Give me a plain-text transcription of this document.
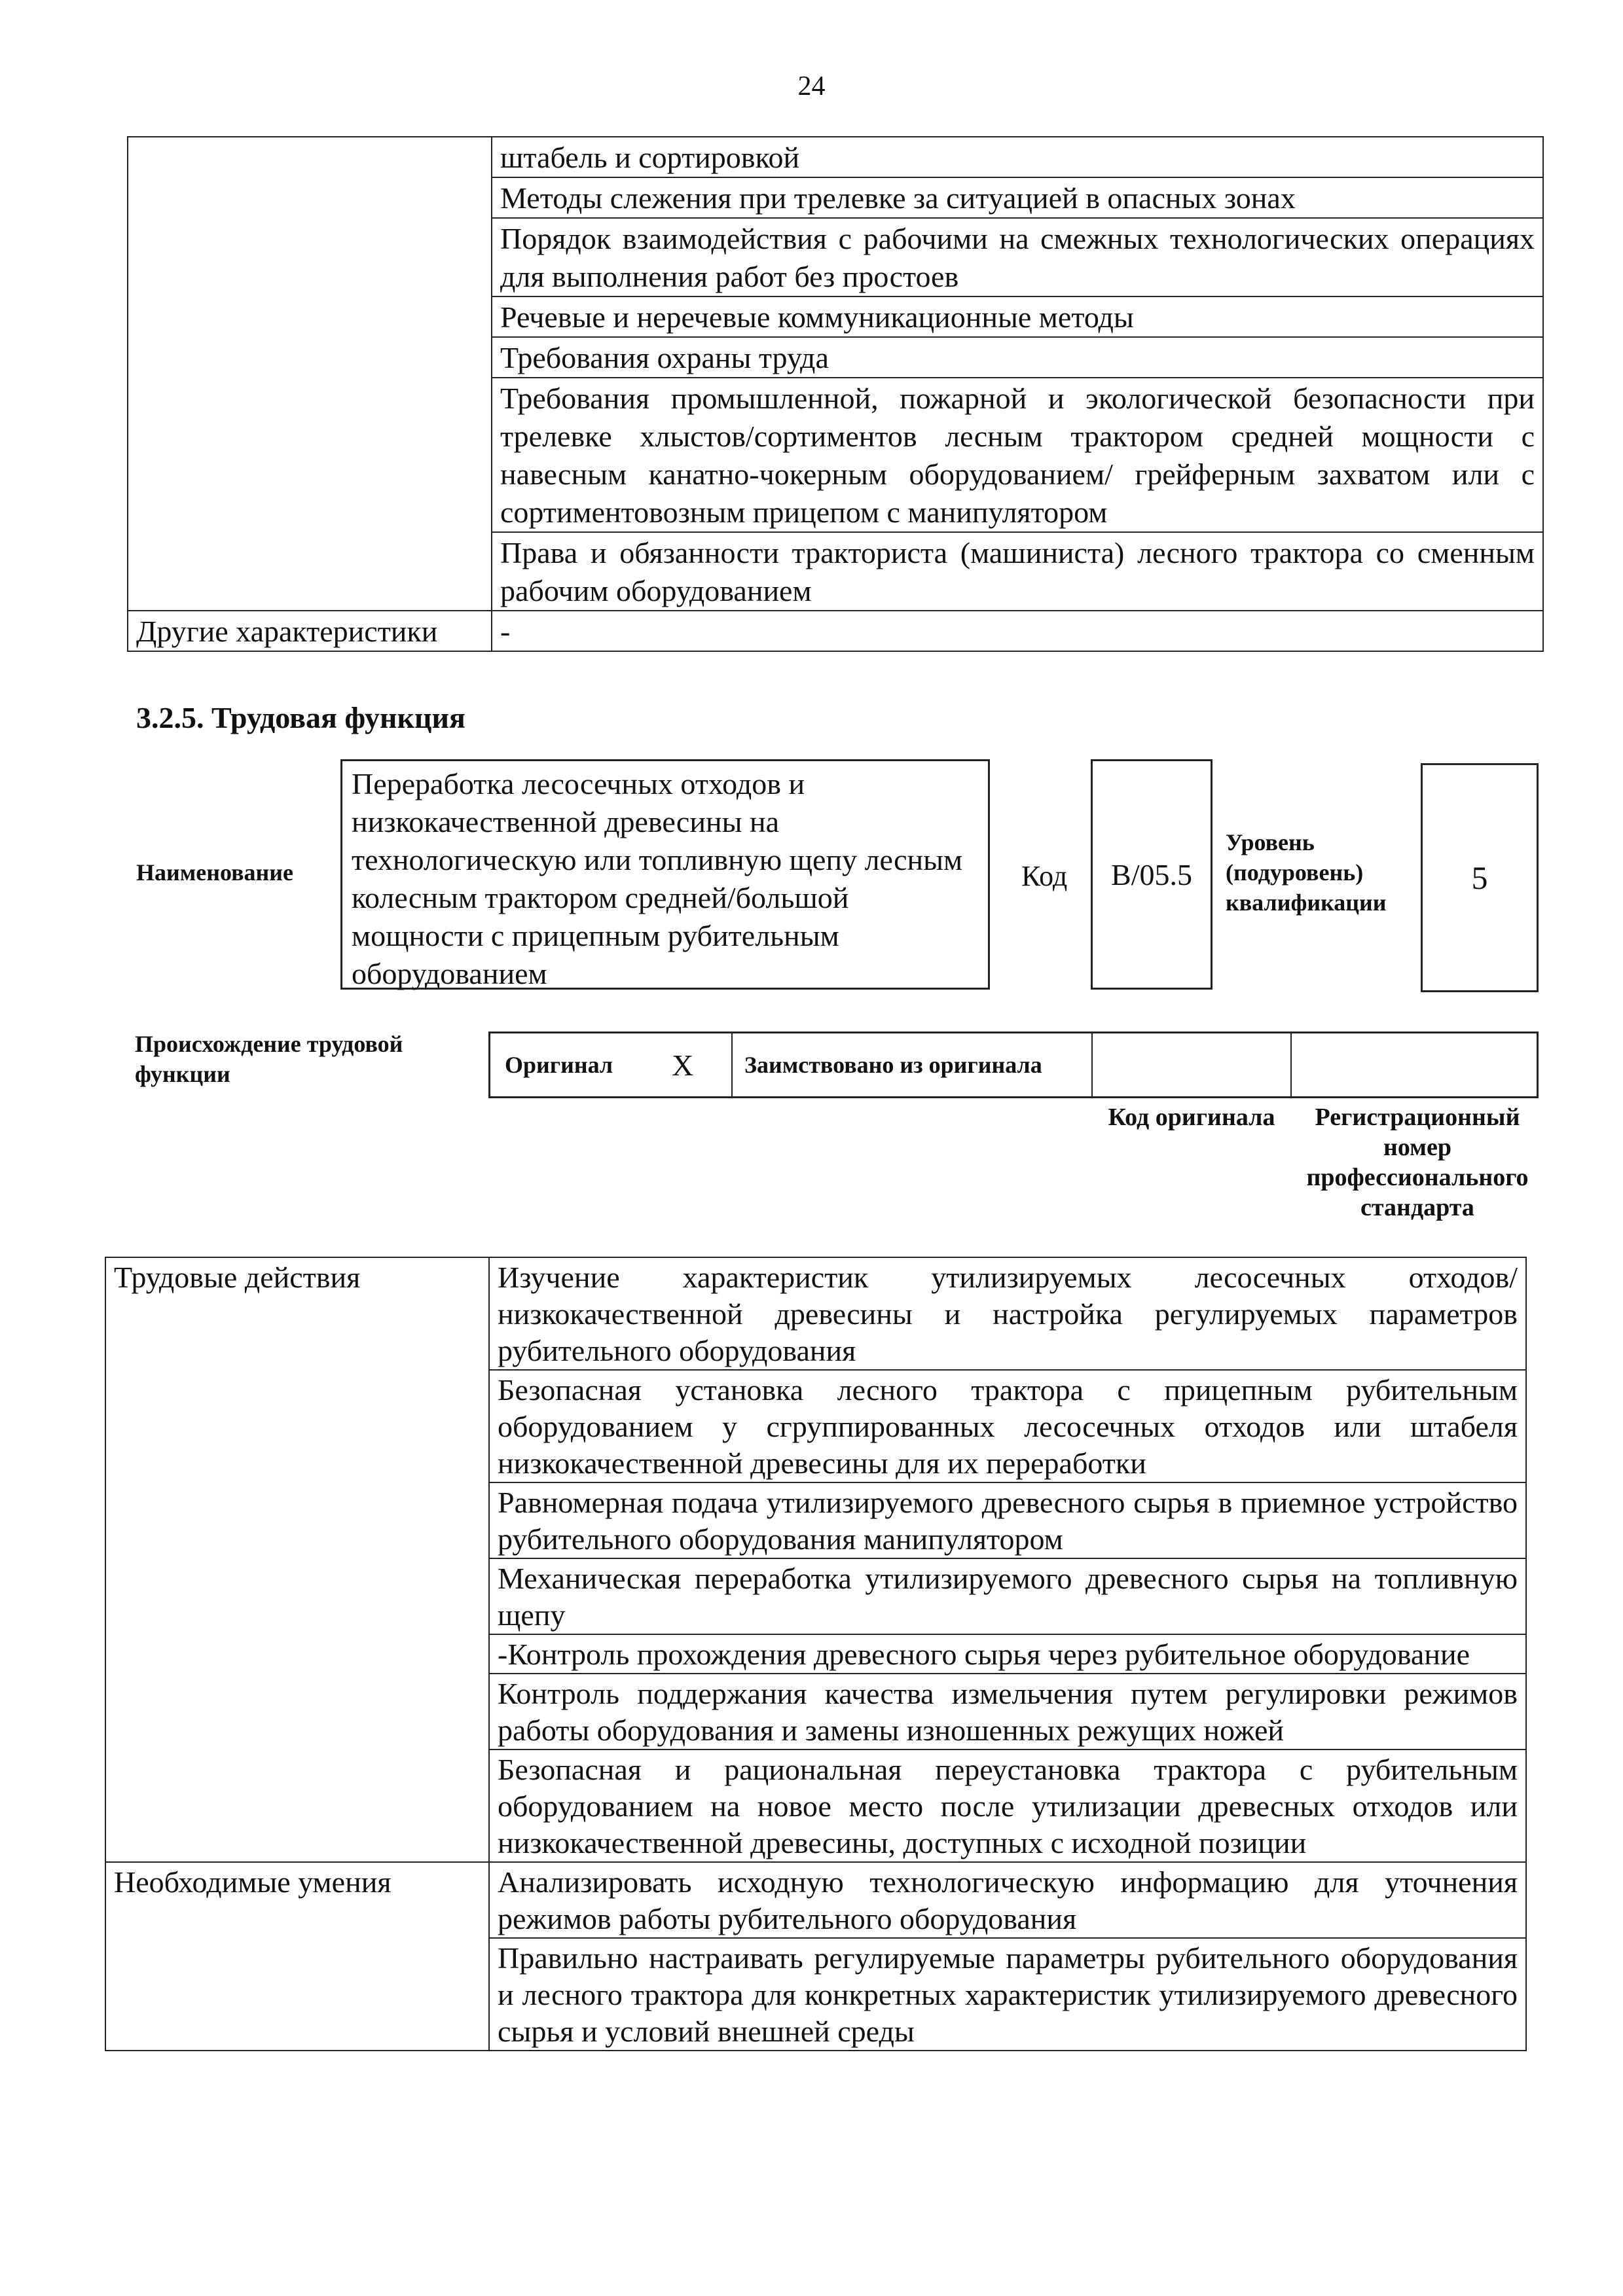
24
	штабель и сортировкой
	Методы слежения при трелевке за ситуацией в опасных зонах
	Порядок взаимодействия с рабочими на смежных технологических операциях для выполнения работ без простоев
	Речевые и неречевые коммуникационные методы
	Требования охраны труда
	Требования промышленной, пожарной и экологической безопасности при трелевке хлыстов/сортиментов лесным трактором средней мощности с навесным канатно-чокерным оборудованием/ грейферным захватом или с сортиментовозным прицепом с манипулятором
	Права и обязанности тракториста (машиниста) лесного трактора со сменным рабочим оборудованием
Другие характеристики	-
3.2.5. Трудовая функция
Наименование
Переработка лесосечных отходов и низкокачественной древесины на технологическую или топливную щепу лесным колесным трактором средней/большой мощности с прицепным рубительным оборудованием
Код	B/05.5
Уровень (подуровень) квалификации
5
Происхождение трудовой функции	Оригинал X	Заимствовано из оригинала
Код оригинала	Регистрационный номер профессионального стандарта
Трудовые действия	Изучение характеристик утилизируемых лесосечных отходов/ низкокачественной древесины и настройка регулируемых параметров рубительного оборудования
	Безопасная установка лесного трактора с прицепным рубительным оборудованием у сгруппированных лесосечных отходов или штабеля низкокачественной древесины для их переработки
	Равномерная подача утилизируемого древесного сырья в приемное устройство рубительного оборудования манипулятором
	Механическая переработка утилизируемого древесного сырья на топливную щепу
	-Контроль прохождения древесного сырья через рубительное оборудование
	Контроль поддержания качества измельчения путем регулировки режимов работы оборудования и замены изношенных режущих ножей
	Безопасная и рациональная переустановка трактора с рубительным оборудованием на новое место после утилизации древесных отходов или низкокачественной древесины, доступных с исходной позиции
Необходимые умения	Анализировать исходную технологическую информацию для уточнения режимов работы рубительного оборудования
	Правильно настраивать регулируемые параметры рубительного оборудования и лесного трактора для конкретных характеристик утилизируемого древесного сырья и условий внешней среды
